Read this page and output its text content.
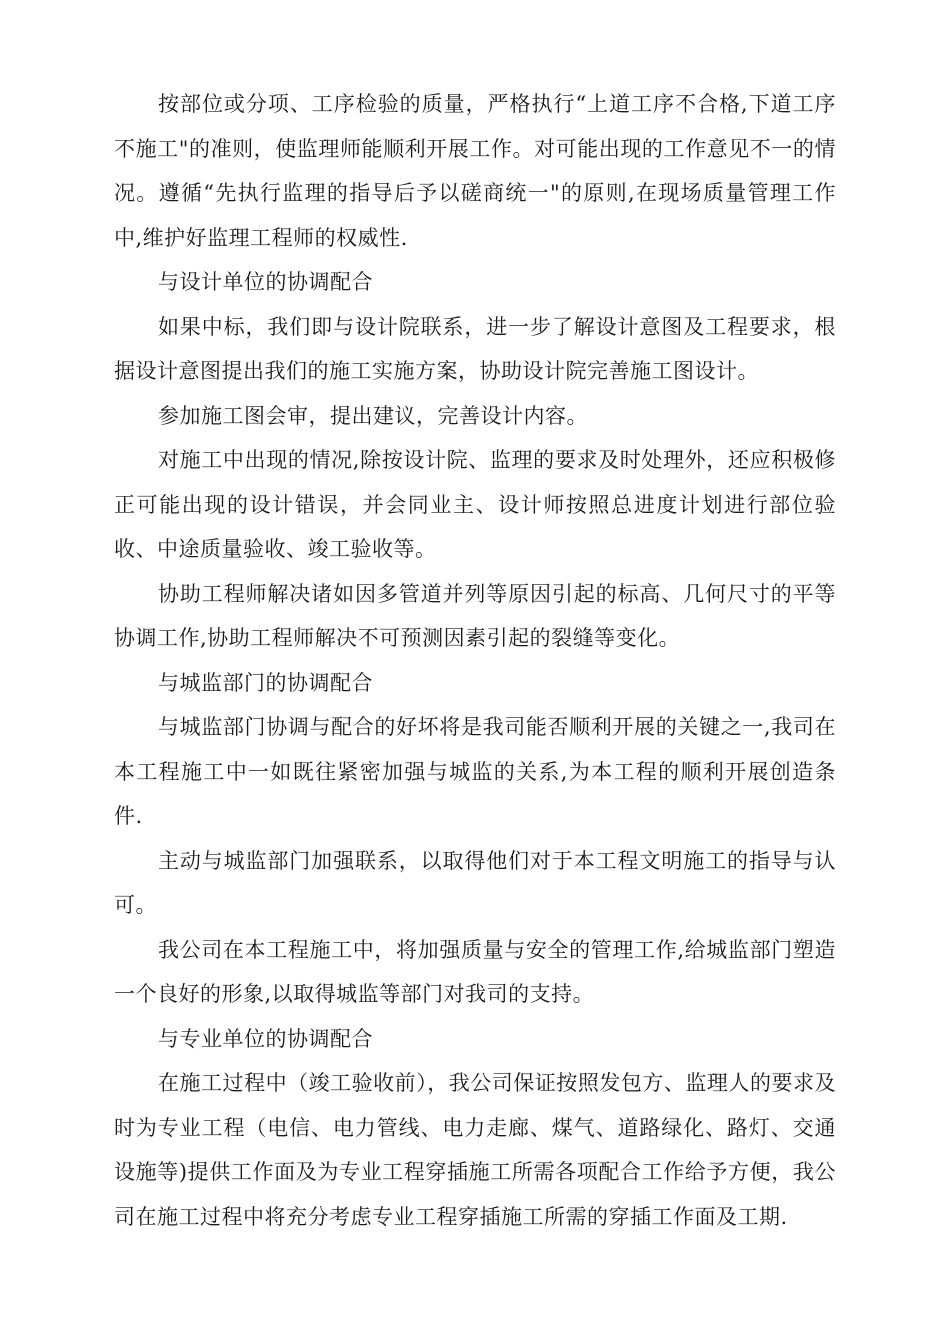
按部位或分项、工序检验的质量，严格执行“上道工序不合格,下道工序不施工"的准则，使监理师能顺利开展工作。对可能出现的工作意见不一的情况。遵循“先执行监理的指导后予以磋商统一"的原则,在现场质量管理工作中,维护好监理工程师的权威性.

与设计单位的协调配合

如果中标，我们即与设计院联系，进一步了解设计意图及工程要求，根据设计意图提出我们的施工实施方案，协助设计院完善施工图设计。

参加施工图会审，提出建议，完善设计内容。

对施工中出现的情况,除按设计院、监理的要求及时处理外，还应积极修正可能出现的设计错误，并会同业主、设计师按照总进度计划进行部位验收、中途质量验收、竣工验收等。

协助工程师解决诸如因多管道并列等原因引起的标高、几何尺寸的平等协调工作,协助工程师解决不可预测因素引起的裂缝等变化。

与城监部门的协调配合

与城监部门协调与配合的好坏将是我司能否顺利开展的关键之一,我司在本工程施工中一如既往紧密加强与城监的关系,为本工程的顺利开展创造条件.

主动与城监部门加强联系，以取得他们对于本工程文明施工的指导与认可。

我公司在本工程施工中，将加强质量与安全的管理工作,给城监部门塑造一个良好的形象,以取得城监等部门对我司的支持。

与专业单位的协调配合

在施工过程中（竣工验收前），我公司保证按照发包方、监理人的要求及时为专业工程（电信、电力管线、电力走廊、煤气、道路绿化、路灯、交通设施等)提供工作面及为专业工程穿插施工所需各项配合工作给予方便，我公司在施工过程中将充分考虑专业工程穿插施工所需的穿插工作面及工期.
